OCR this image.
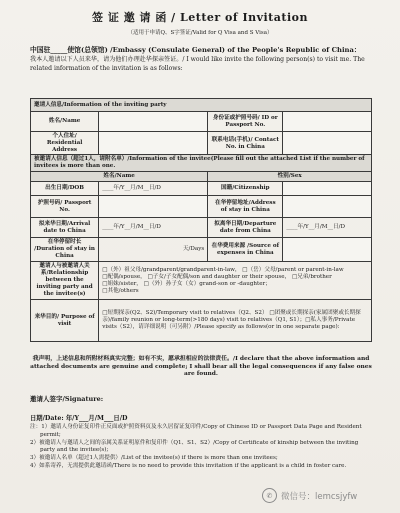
签 证 邀 请 函 / Letter of Invitation
（适用于申请Q、S字签证/Valid for Q Visa and S Visa）
中国驻_____使馆(总领馆) /Embassy (Consulate General) of the People's Republic of China：
我本人邀请以下人员来华，请为他们办理赴华探亲签证。/ I would like invite the following person(s) to visit me. The related information of the invitation is as follows:
邀请人信息/Information of the inviting party			
姓名/Name		身份证或护照号码/ ID or Passport No.	
个人住址/ Residential Address		联系电话(手机)/ Contact No. in China	
被邀请人信息（超过1人，请附名单）/Information of the invitee(Please fill out the attached List if the number of invitees is more than one.			
姓名/Name		性别/Sex	
出生日期/DOB	____年/Y__月/M__日/D	国籍/Citizenship	
护照号码/ Passport No.		在华停留地址/Address of stay in China	
拟来华日期/Arrival date to China	____年/Y__月/M__日/D	拟离华日期/Departure date from China	____年/Y__月/M__日/D
在华停留时长 /Duration of stay in China	天/Days	在华费用来源 /Source of expenses in China	
邀请人与被邀请人关系/Relationship between the inviting party and the invitee(s)	□（外）祖父母/grandparent/grandparent-in-law， □（岳）父母/parent or parent-in-law
□配偶/spouse， □子女/子女配偶/son and daughter or their spouse， □兄弟/brother
□姐妹/sister， □（外）孙子女（女）grand-son or -daughter；
□其他/others		

来华目的/ Purpose of visit	□短期探亲(Q2、S2)/Temporary visit to relatives（Q2、S2） □团聚或长期探亲(家属团聚或长期探亲)/family reunion or long-term(>180 days) visit to relatives（Q1, S1）；□私人事务/Private visits（S2），请详细说明（可另附）/Please specify as follows(or in one separate page):		
我声明，上述信息和所附材料真实完整；如有不实，愿承担相应的法律责任。/I declare that the above information and attached documents are genuine and complete; I shall bear all the legal consequences if any false ones are found.
邀请人签字/Signature:
日期/Date: 年/Y___月/M___日/D
注：1）邀请人身份证复印件正反面或护照资料页及永久居留证复印件/Copy of Chinese ID or Passport Data Page and Resident permit;
2）被邀请人与邀请人之间的亲属关系证明原件和复印件（Q1、S1、S2）/Copy of Certificate of kinship between the inviting party and the invitee(s);
3）被邀请人名单（超过1人需提供）/List of the invitee(s) if there is more than one invitees;
4）如系寄养，无需提供此邀请函/There is no need to provide this invitation if the applicant is a child in foster care.
✆	微信号：lemcsjyfw
